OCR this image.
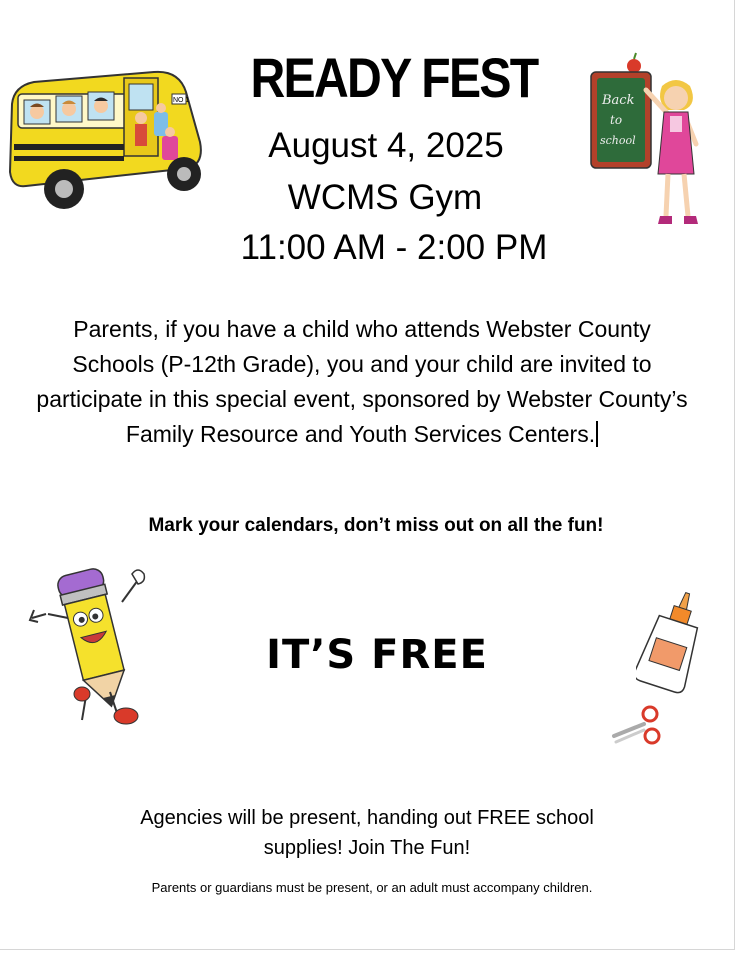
NO 1	Back
to
school
READY FEST
August 4, 2025
WCMS Gym
11:00 AM - 2:00 PM
Parents, if you have a child who attends Webster County Schools (P-12th Grade), you and your child are invited to participate in this special event, sponsored by Webster County’s Family Resource and Youth Services Centers.
Mark your calendars, don’t miss out on all the fun!
IT’S FREE
Agencies will be present, handing out FREE school supplies! Join The Fun!
Parents or guardians must be present, or an adult must accompany children.
